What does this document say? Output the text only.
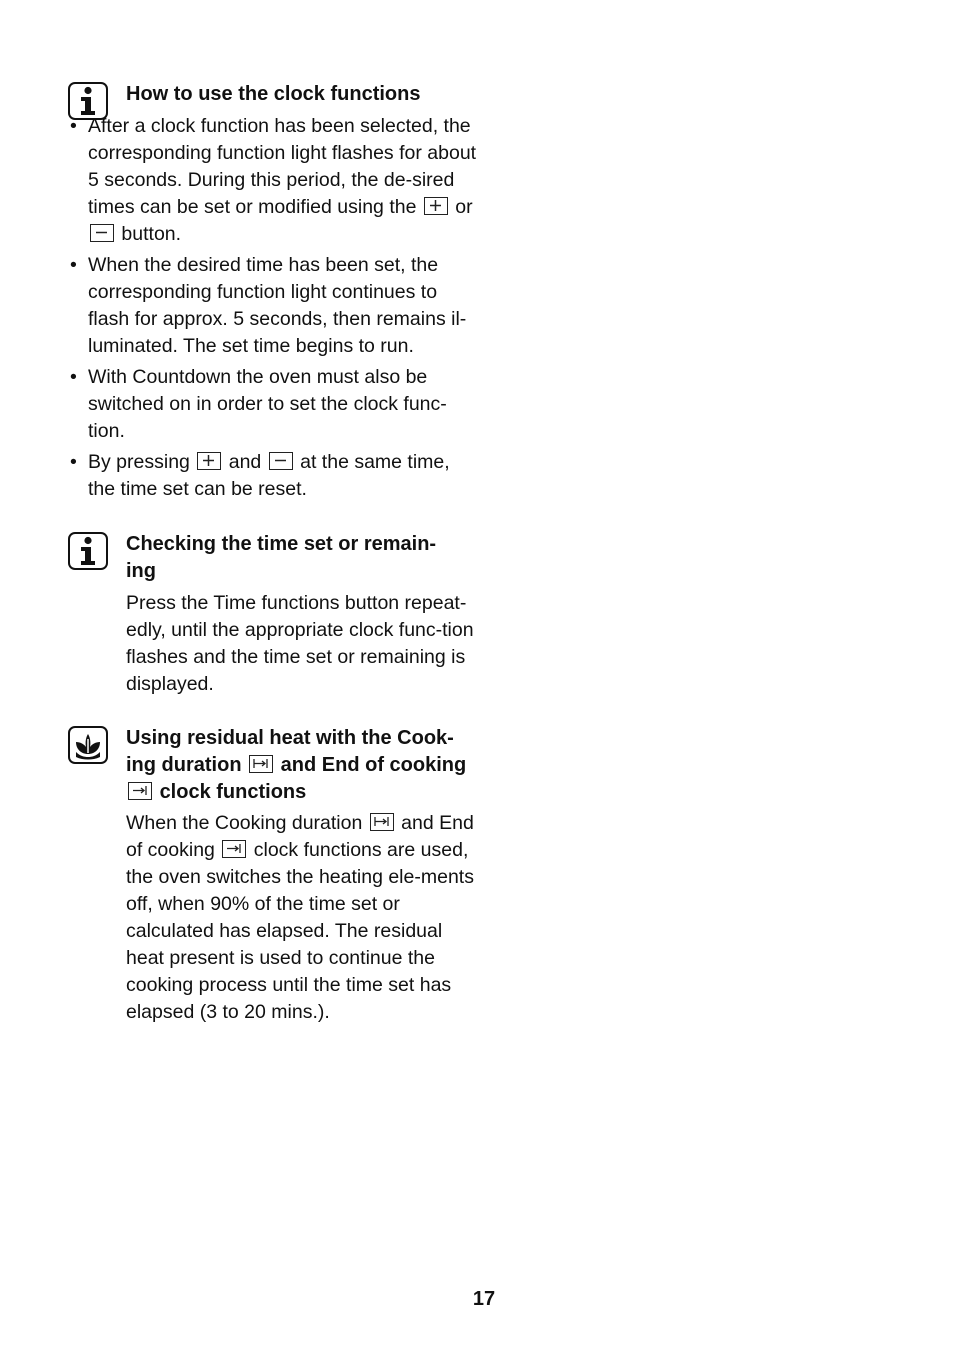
How to use the clock functions
• After a clock function has been selected, the corresponding function light flashes for about 5 seconds. During this period, the de-sired times can be set or modified using the or
button.
• When the desired time has been set, the corresponding function light continues to flash for approx. 5 seconds, then remains il-luminated. The set time begins to run.
• With Countdown the oven must also be switched on in order to set the clock func-tion.
• By pressing and at the same time, the time set can be reset.
Checking the time set or remain-ing

Press the Time functions button repeat-edly, until the appropriate clock func-tion flashes and the time set or remaining is displayed.

Using residual heat with the Cook-ing duration and End of cooking
clock functions

When the Cooking duration and End of cooking clock functions are used, the oven switches the heating ele-ments off, when 90% of the time set or calculated has elapsed. The residual heat present is used to continue the cooking process until the time set has elapsed (3 to 20 mins.).

17
